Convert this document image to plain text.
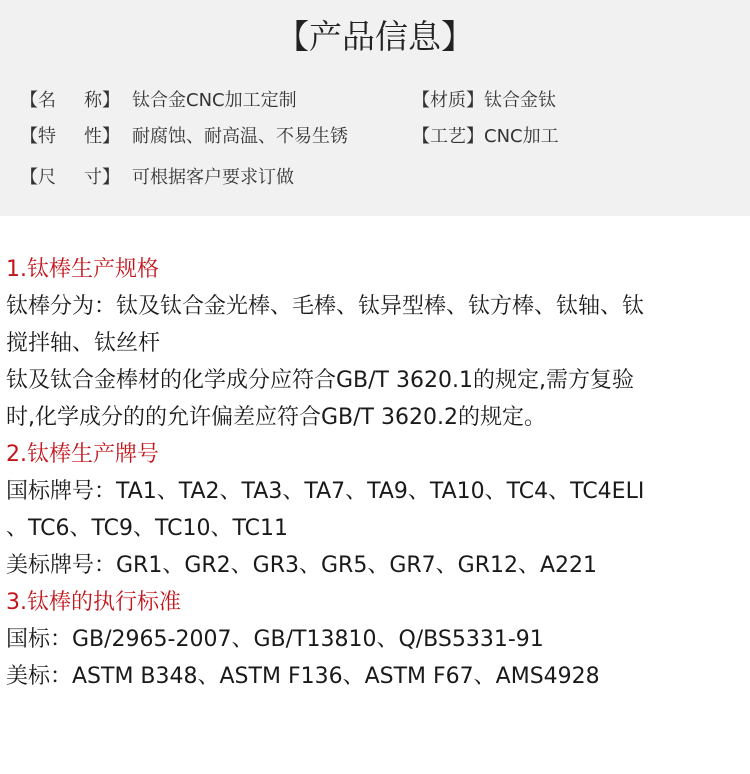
【产品信息】
【 名 称 】 钛合金CNC加工定制	【材质】钛合金钛
【 特 性 】 耐腐蚀、耐高温、不易生锈	【工艺】CNC加工
【 尺 寸 】 可根据客户要求订做
1.钛棒生产规格
钛棒分为：钛及钛合金光棒、毛棒、钛异型棒、钛方棒、钛轴、钛
搅拌轴、钛丝杆
钛及钛合金棒材的化学成分应符合GB/T 3620.1的规定,需方复验
时,化学成分的的允许偏差应符合GB/T 3620.2的规定。
2.钛棒生产牌号
国标牌号：TA1、TA2、TA3、TA7、TA9、TA10、TC4、TC4ELI
、TC6、TC9、TC10、TC11
美标牌号：GR1、GR2、GR3、GR5、GR7、GR12、A221
3.钛棒的执行标准
国标：GB/2965-2007、GB/T13810、Q/BS5331-91
美标：ASTM B348、ASTM F136、ASTM F67、AMS4928
